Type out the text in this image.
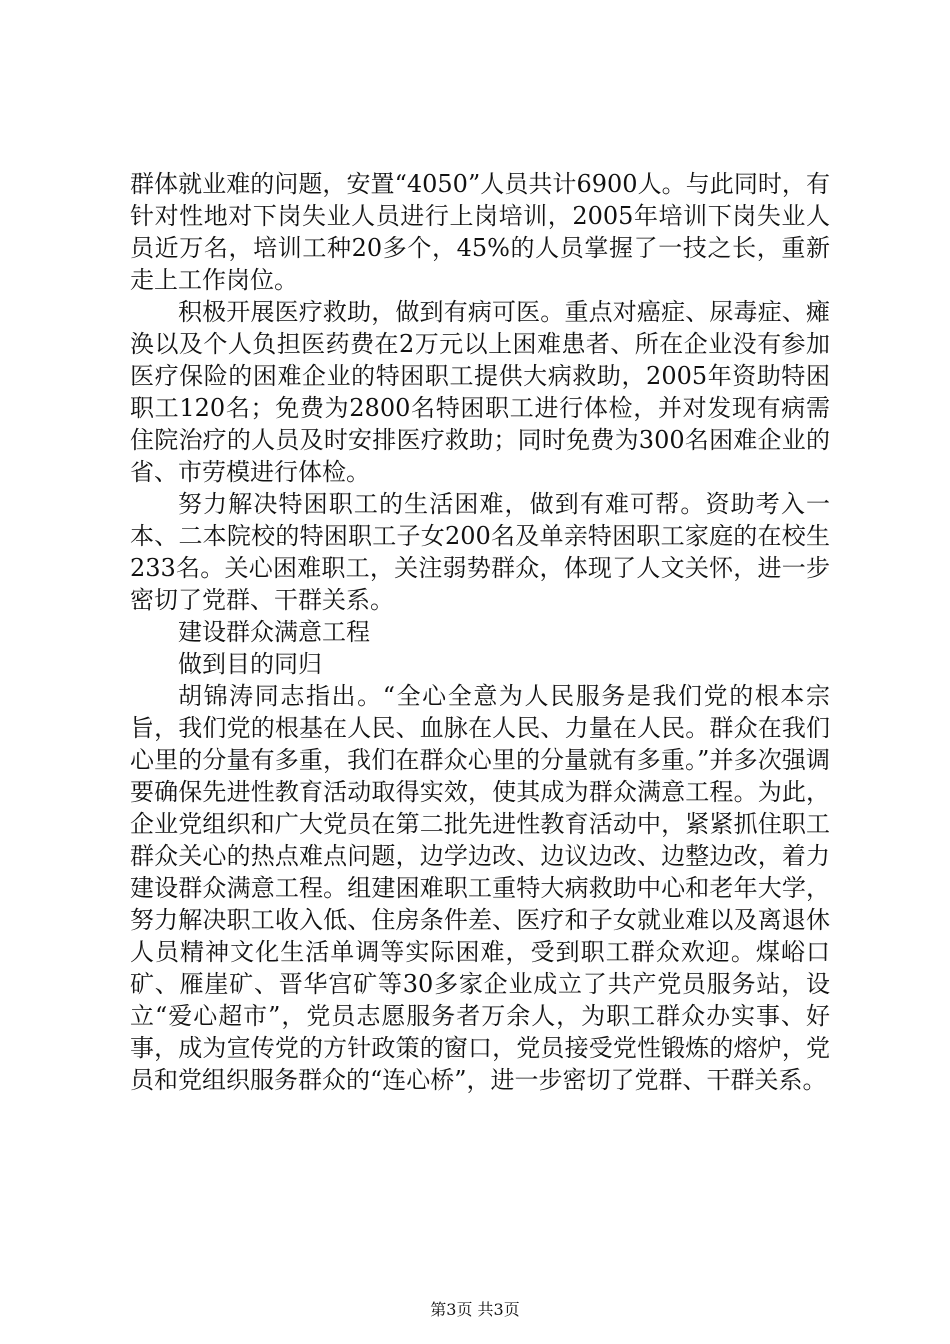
群体就业难的问题，安置“4050”人员共计6900人。与此同时，有针对性地对下岗失业人员进行上岗培训，2005年培训下岗失业人员近万名，培训工种20多个，45%的人员掌握了一技之长，重新走上工作岗位。

积极开展医疗救助，做到有病可医。重点对癌症、尿毒症、瘫涣以及个人负担医药费在2万元以上困难患者、所在企业没有参加医疗保险的困难企业的特困职工提供大病救助，2005年资助特困职工120名；免费为2800名特困职工进行体检，并对发现有病需住院治疗的人员及时安排医疗救助；同时免费为300名困难企业的省、市劳模进行体检。

努力解决特困职工的生活困难，做到有难可帮。资助考入一本、二本院校的特困职工子女200名及单亲特困职工家庭的在校生233名。关心困难职工，关注弱势群众，体现了人文关怀，进一步密切了党群、干群关系。

建设群众满意工程

做到目的同归

胡锦涛同志指出。“全心全意为人民服务是我们党的根本宗旨，我们党的根基在人民、血脉在人民、力量在人民。群众在我们心里的分量有多重，我们在群众心里的分量就有多重。”并多次强调要确保先进性教育活动取得实效，使其成为群众满意工程。为此，企业党组织和广大党员在第二批先进性教育活动中，紧紧抓住职工群众关心的热点难点问题，边学边改、边议边改、边整边改，着力建设群众满意工程。组建困难职工重特大病救助中心和老年大学，努力解决职工收入低、住房条件差、医疗和子女就业难以及离退休人员精神文化生活单调等实际困难，受到职工群众欢迎。煤峪口矿、雁崖矿、晋华宫矿等30多家企业成立了共产党员服务站，设立“爱心超市”，党员志愿服务者万余人，为职工群众办实事、好事，成为宣传党的方针政策的窗口，党员接受党性锻炼的熔炉，党员和党组织服务群众的“连心桥”，进一步密切了党群、干群关系。

第3页 共3页
